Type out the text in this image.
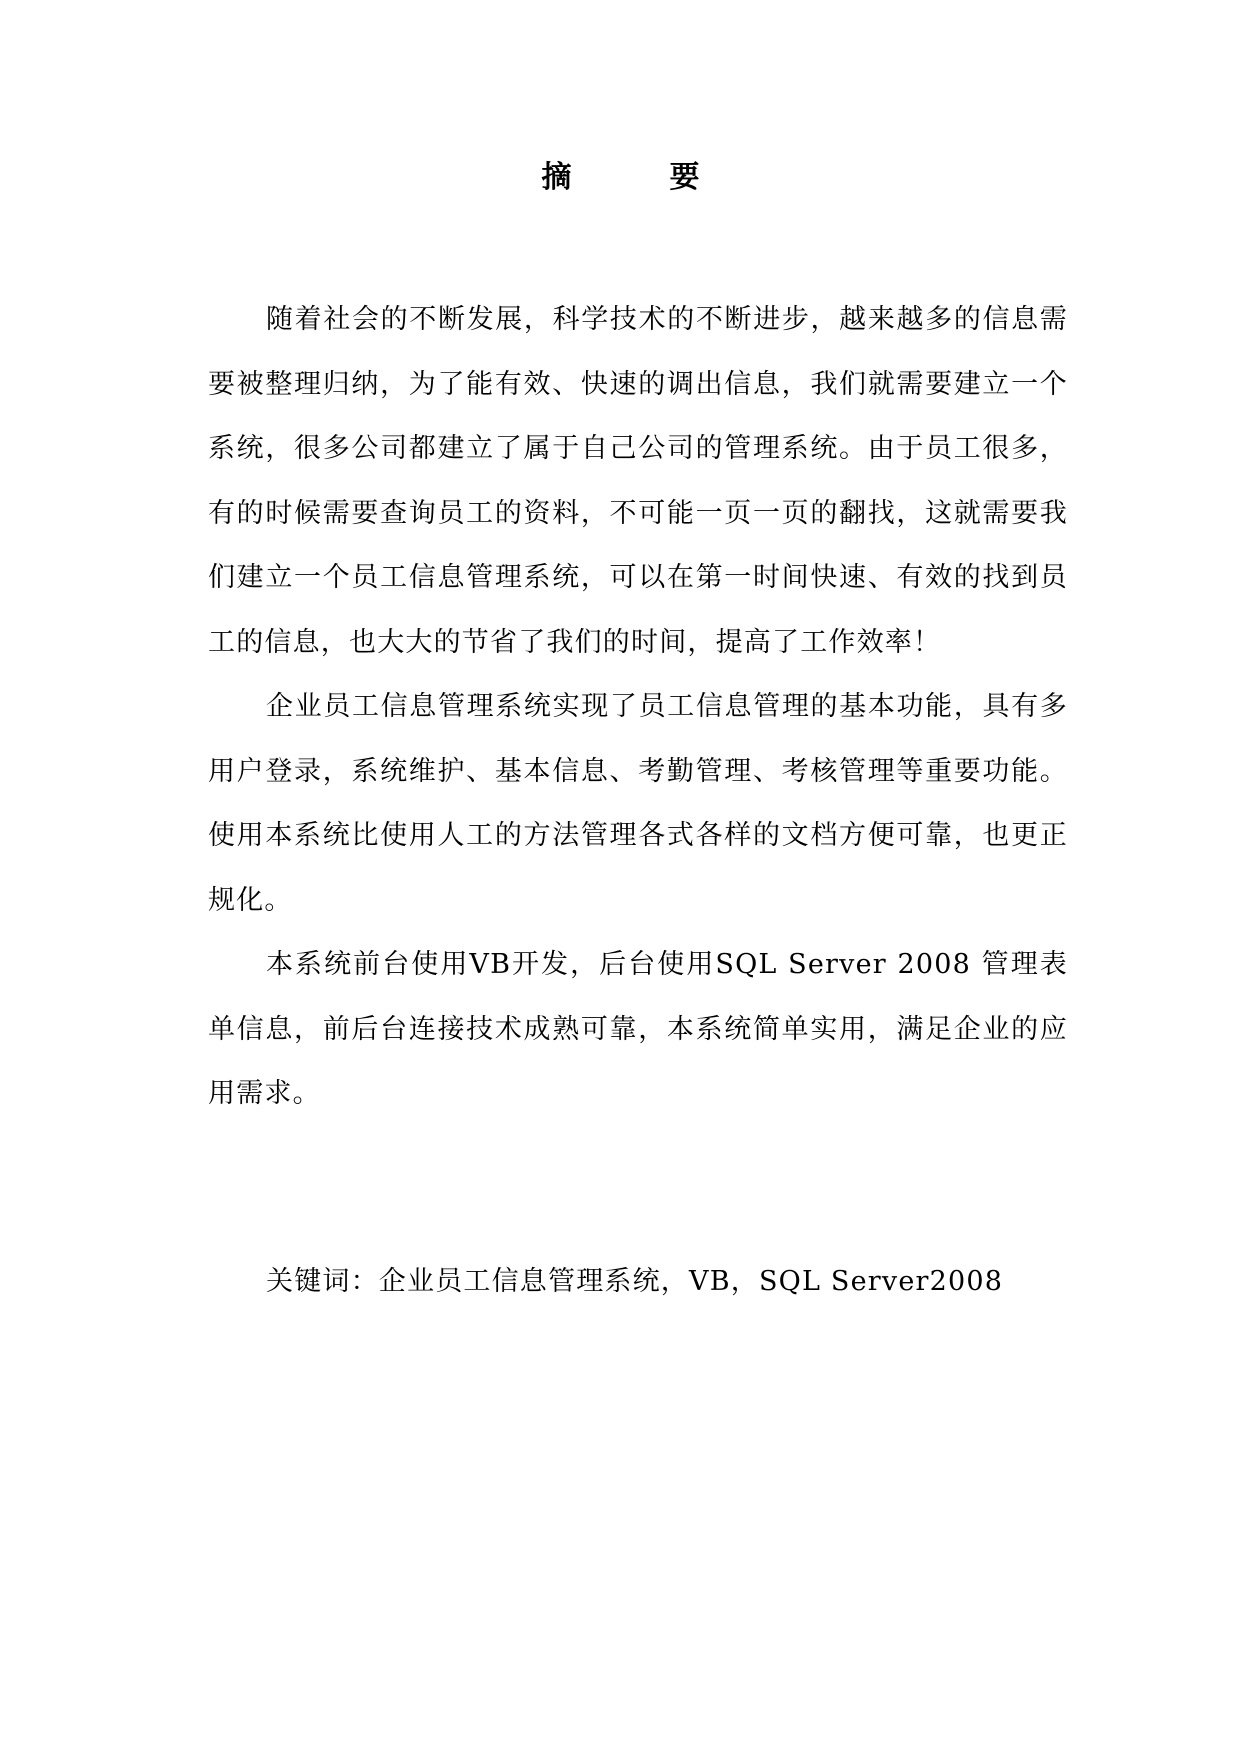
摘　要

随着社会的不断发展，科学技术的不断进步，越来越多的信息需要被整理归纳，为了能有效、快速的调出信息，我们就需要建立一个系统，很多公司都建立了属于自己公司的管理系统。由于员工很多，有的时候需要查询员工的资料，不可能一页一页的翻找，这就需要我们建立一个员工信息管理系统，可以在第一时间快速、有效的找到员工的信息，也大大的节省了我们的时间，提高了工作效率！

企业员工信息管理系统实现了员工信息管理的基本功能，具有多用户登录，系统维护、基本信息、考勤管理、考核管理等重要功能。使用本系统比使用人工的方法管理各式各样的文档方便可靠，也更正规化。

本系统前台使用VB开发，后台使用SQL Server 2008 管理表单信息，前后台连接技术成熟可靠，本系统简单实用，满足企业的应用需求。

关键词：企业员工信息管理系统，VB，SQL Server2008
